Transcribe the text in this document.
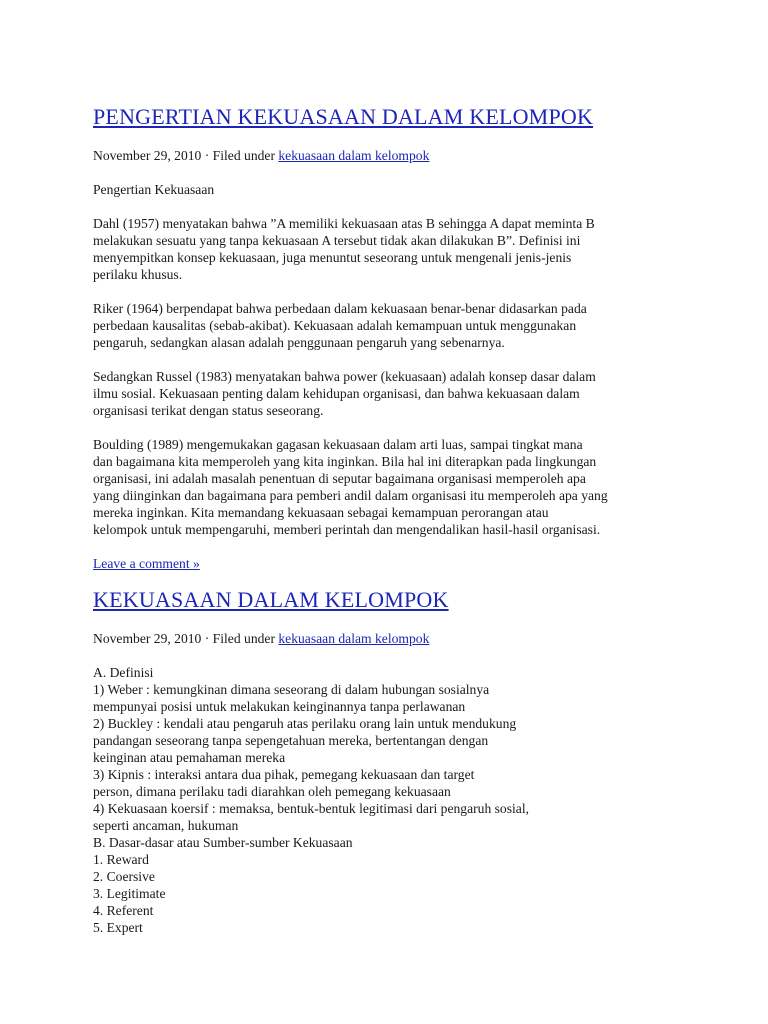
PENGERTIAN KEKUASAAN DALAM KELOMPOK
November 29, 2010 · Filed under kekuasaan dalam kelompok

Pengertian Kekuasaan

Dahl (1957) menyatakan bahwa ”A memiliki kekuasaan atas B sehingga A dapat meminta B
melakukan sesuatu yang tanpa kekuasaan A tersebut tidak akan dilakukan B”. Definisi ini
menyempitkan konsep kekuasaan, juga menuntut seseorang untuk mengenali jenis-jenis
perilaku khusus.

Riker (1964) berpendapat bahwa perbedaan dalam kekuasaan benar-benar didasarkan pada
perbedaan kausalitas (sebab-akibat). Kekuasaan adalah kemampuan untuk menggunakan
pengaruh, sedangkan alasan adalah penggunaan pengaruh yang sebenarnya.

Sedangkan Russel (1983) menyatakan bahwa power (kekuasaan) adalah konsep dasar dalam
ilmu sosial. Kekuasaan penting dalam kehidupan organisasi, dan bahwa kekuasaan dalam
organisasi terikat dengan status seseorang.

Boulding (1989) mengemukakan gagasan kekuasaan dalam arti luas, sampai tingkat mana
dan bagaimana kita memperoleh yang kita inginkan. Bila hal ini diterapkan pada lingkungan
organisasi, ini adalah masalah penentuan di seputar bagaimana organisasi memperoleh apa
yang diinginkan dan bagaimana para pemberi andil dalam organisasi itu memperoleh apa yang
mereka inginkan. Kita memandang kekuasaan sebagai kemampuan perorangan atau
kelompok untuk mempengaruhi, memberi perintah dan mengendalikan hasil-hasil organisasi.

Leave a comment »
KEKUASAAN DALAM KELOMPOK
November 29, 2010 · Filed under kekuasaan dalam kelompok

A. Definisi

1) Weber : kemungkinan dimana seseorang di dalam hubungan sosialnya

mempunyai posisi untuk melakukan keinginannya tanpa perlawanan

2) Buckley : kendali atau pengaruh atas perilaku orang lain untuk mendukung

pandangan seseorang tanpa sepengetahuan mereka, bertentangan dengan

keinginan atau pemahaman mereka

3) Kipnis : interaksi antara dua pihak, pemegang kekuasaan dan target

person, dimana perilaku tadi diarahkan oleh pemegang kekuasaan

4) Kekuasaan koersif : memaksa, bentuk-bentuk legitimasi dari pengaruh sosial,

seperti ancaman, hukuman

B. Dasar-dasar atau Sumber-sumber Kekuasaan

1. Reward

2. Coersive

3. Legitimate

4. Referent

5. Expert
